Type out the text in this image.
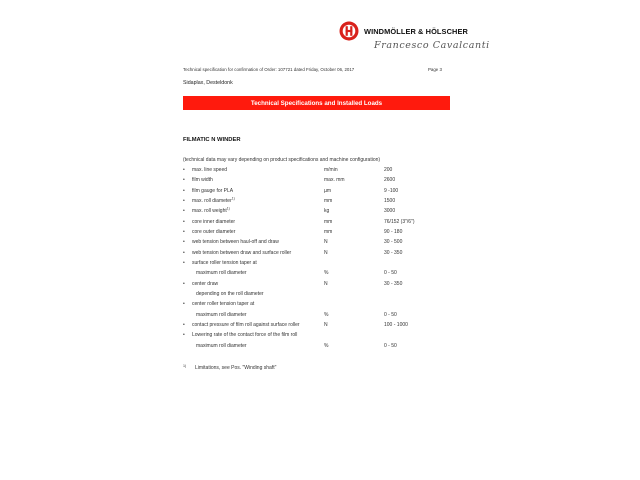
WINDMÖLLER & HÖLSCHER
Francesco Cavalcanti
Technical specification for confirmation of Order: 107721 dated Friday, October 06, 2017	Page 3
Sidaplax, Desteldonk
Technical Specifications and Installed Loads
FILMATIC N WINDER
(technical data may vary depending on product specifications and machine configuration)
• max. line speed	m/min	200
• film width	max. mm	2600
• film gauge for PLA	µm	9 -100
• max. roll diameter$^{1)}$	mm	1500
• max. roll weight$^{1)}$	kg	3000
• core inner diameter	mm	76/152 (3"/6")
• core outer diameter	mm	90 - 180
• web tension between haul-off and draw	N	30 - 500
• web tension between draw and surface roller	N	30 - 350
• surface roller tension taper at
maximum roll diameter	%	0 - 50
• center draw	N	30 - 350
depending on the roll diameter
• center roller tension taper at
maximum roll diameter	%	0 - 50
• contact pressure of film roll against surface roller	N	100 - 1000
• Lowering rate of the contact force of the film roll
maximum roll diameter	%	0 - 50
1) Limitations, see Pos. "Winding shaft"
